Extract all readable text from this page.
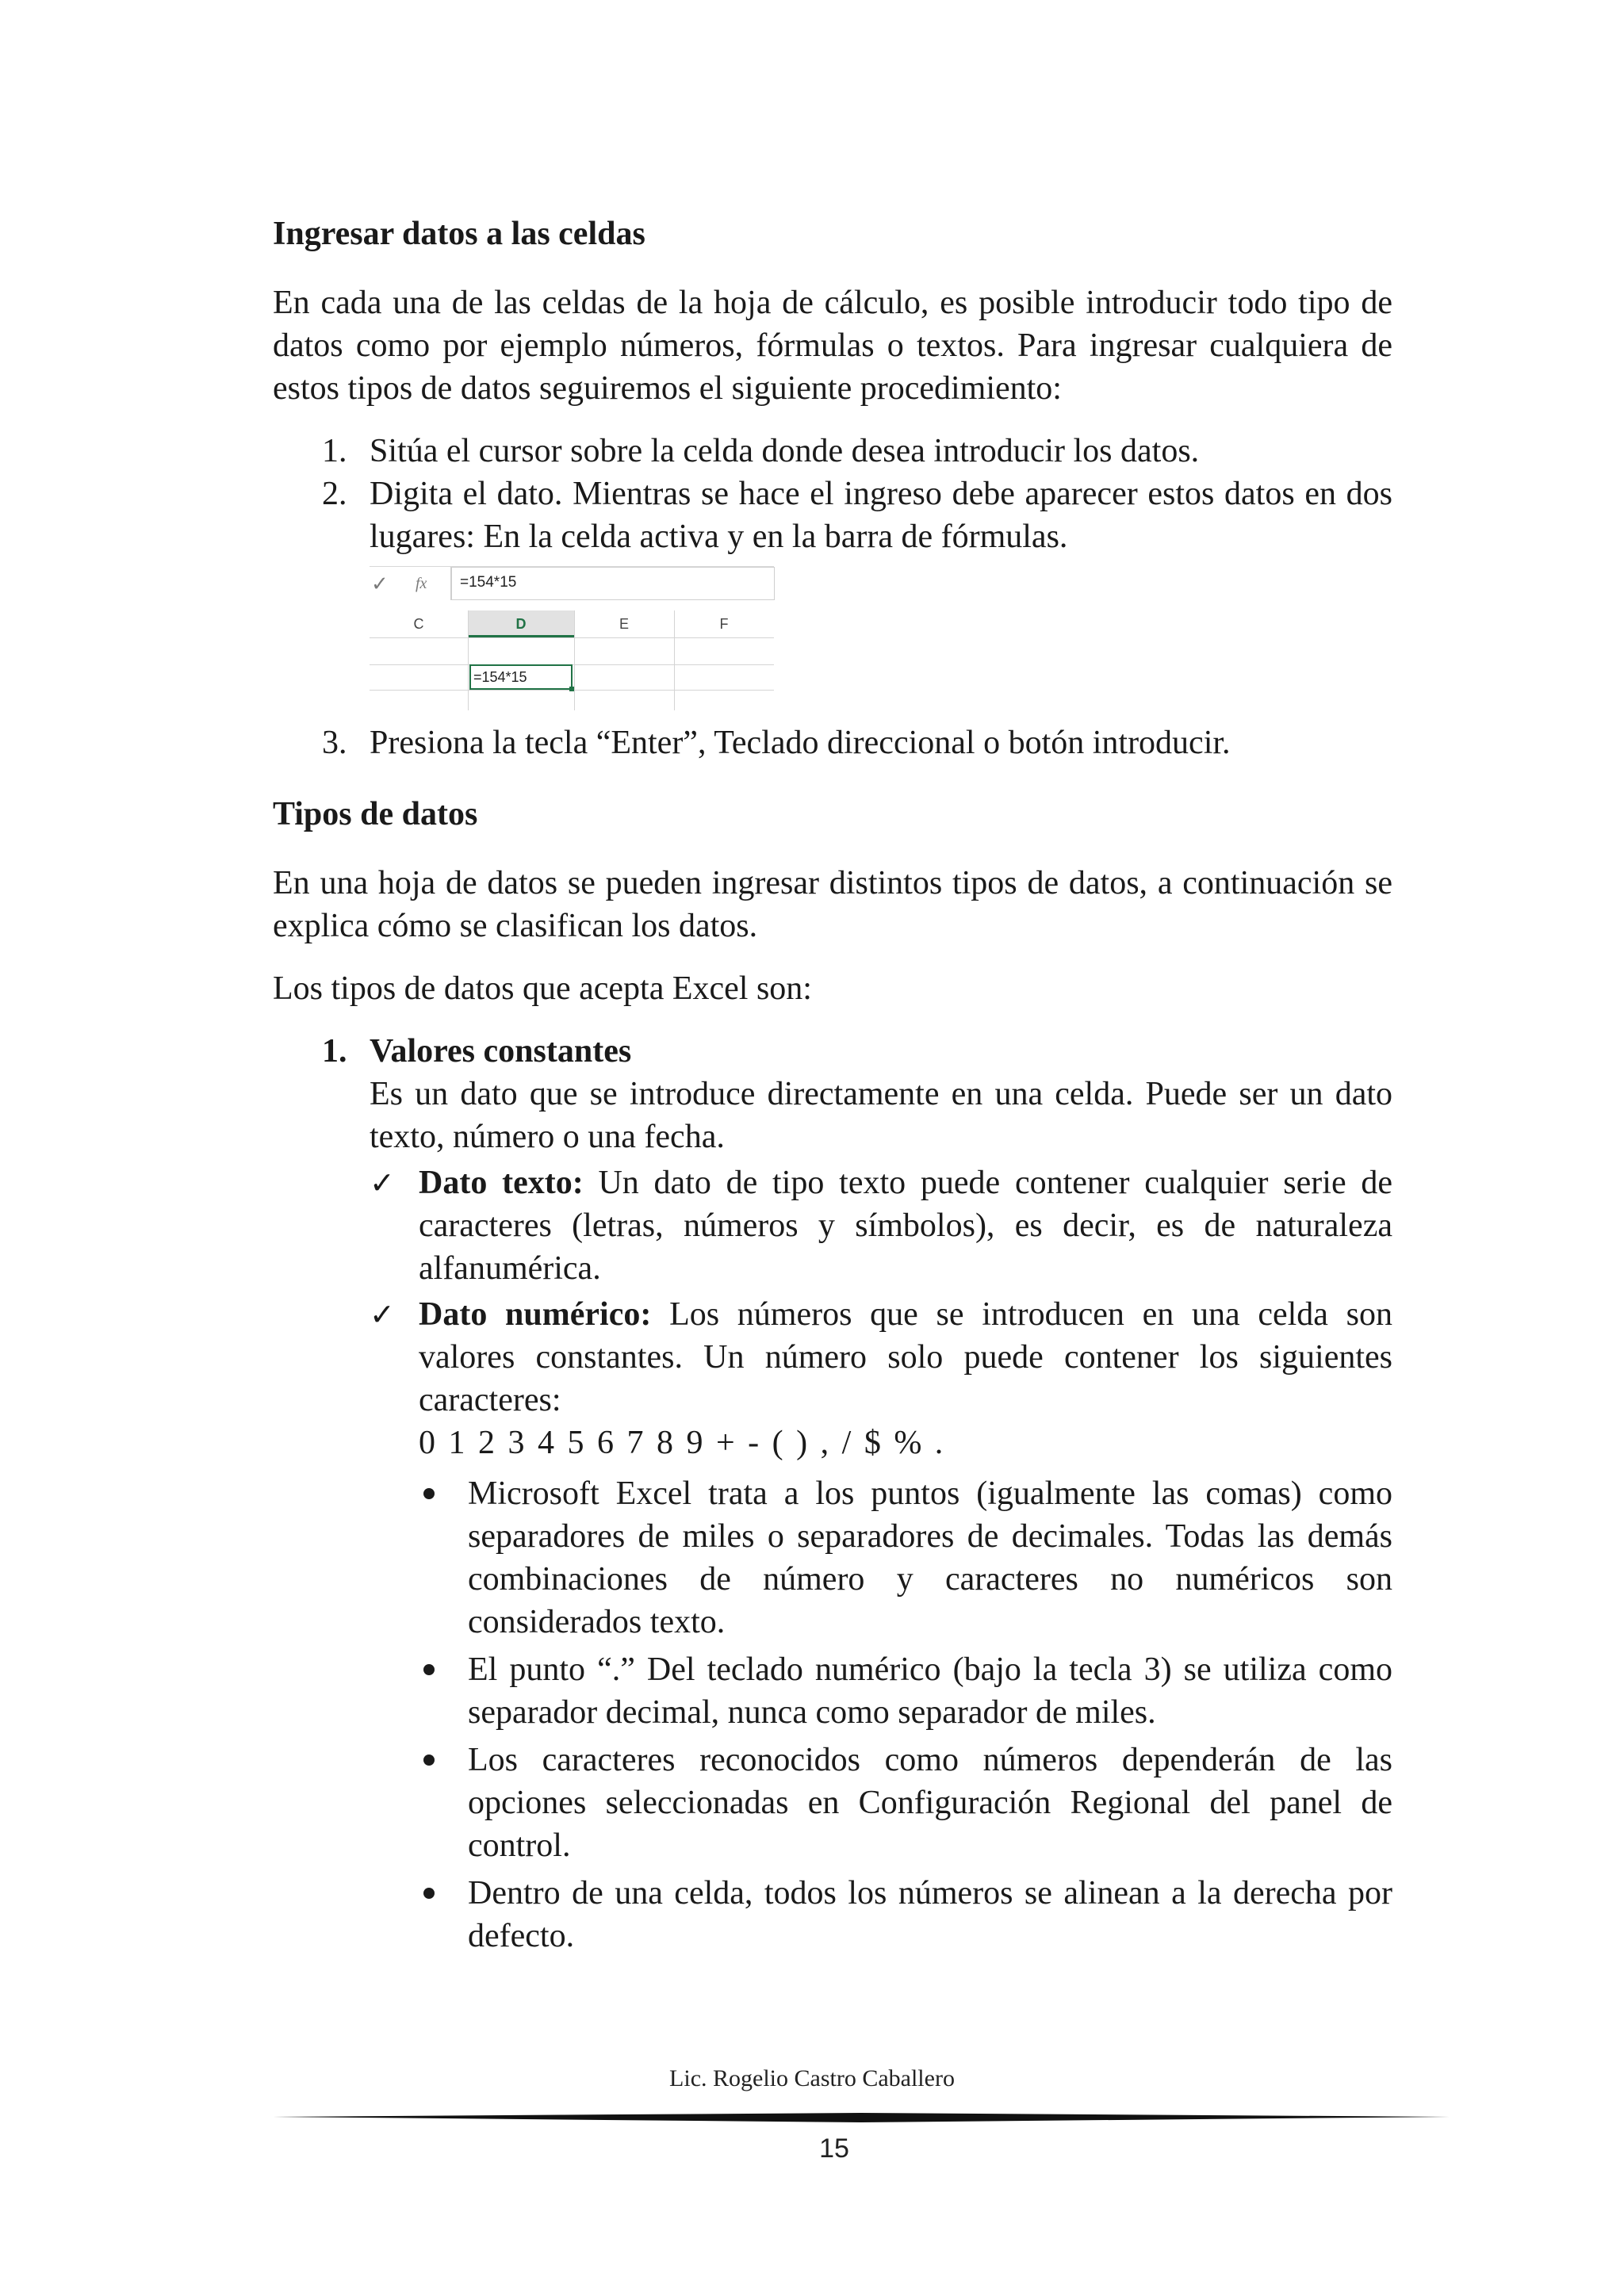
Ingresar datos a las celdas

En cada una de las celdas de la hoja de cálculo, es posible introducir todo tipo de datos como por ejemplo números, fórmulas o textos. Para ingresar cualquiera de estos tipos de datos seguiremos el siguiente procedimiento:

1. Sitúa el cursor sobre la celda donde desea introducir los datos.
2. Digita el dato. Mientras se hace el ingreso debe aparecer estos datos en dos lugares: En la celda activa y en la barra de fórmulas.
✓ fx =154*15
C	D	E	F
=154*15
3. Presiona la tecla “Enter”, Teclado direccional o botón introducir.

Tipos de datos

En una hoja de datos se pueden ingresar distintos tipos de datos, a continuación se explica cómo se clasifican los datos.

Los tipos de datos que acepta Excel son:

1. Valores constantes

Es un dato que se introduce directamente en una celda. Puede ser un dato texto, número o una fecha.

✓ Dato texto: Un dato de tipo texto puede contener cualquier serie de caracteres (letras, números y símbolos), es decir, es de naturaleza alfanumérica.

✓ Dato numérico: Los números que se introducen en una celda son valores constantes. Un número solo puede contener los siguientes caracteres:

0 1 2 3 4 5 6 7 8 9 + - ( ) , / $ % .

Microsoft Excel trata a los puntos (igualmente las comas) como separadores de miles o separadores de decimales. Todas las demás combinaciones de número y caracteres no numéricos son considerados texto.

El punto “.” Del teclado numérico (bajo la tecla 3) se utiliza como separador decimal, nunca como separador de miles.

Los caracteres reconocidos como números dependerán de las opciones seleccionadas en Configuración Regional del panel de control.

Dentro de una celda, todos los números se alinean a la derecha por defecto.

Lic. Rogelio Castro Caballero
15
